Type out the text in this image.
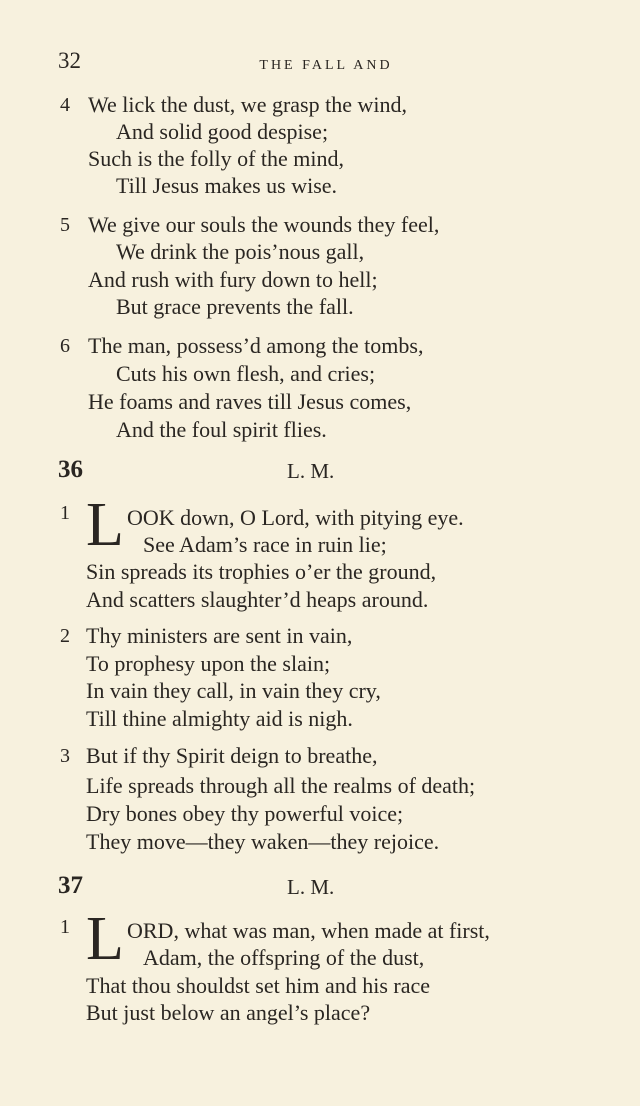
32	THE FALL AND
4 We lick the dust, we grasp the wind,
And solid good despise;
Such is the folly of the mind,
Till Jesus makes us wise.
5 We give our souls the wounds they feel,
We drink the pois’nous gall,
And rush with fury down to hell;
But grace prevents the fall.
6 The man, possess’d among the tombs,
Cuts his own flesh, and cries;
He foams and raves till Jesus comes,
And the foul spirit flies.
36	L. M.
1 L OOK down, O Lord, with pitying eye.
See Adam’s race in ruin lie;
Sin spreads its trophies o’er the ground,
And scatters slaughter’d heaps around.
2 Thy ministers are sent in vain,
To prophesy upon the slain;
In vain they call, in vain they cry,
Till thine almighty aid is nigh.
3 But if thy Spirit deign to breathe,
Life spreads through all the realms of death;
Dry bones obey thy powerful voice;
They move—they waken—they rejoice.
37	L. M.
1 L ORD, what was man, when made at first,
Adam, the offspring of the dust,
That thou shouldst set him and his race
But just below an angel’s place?
